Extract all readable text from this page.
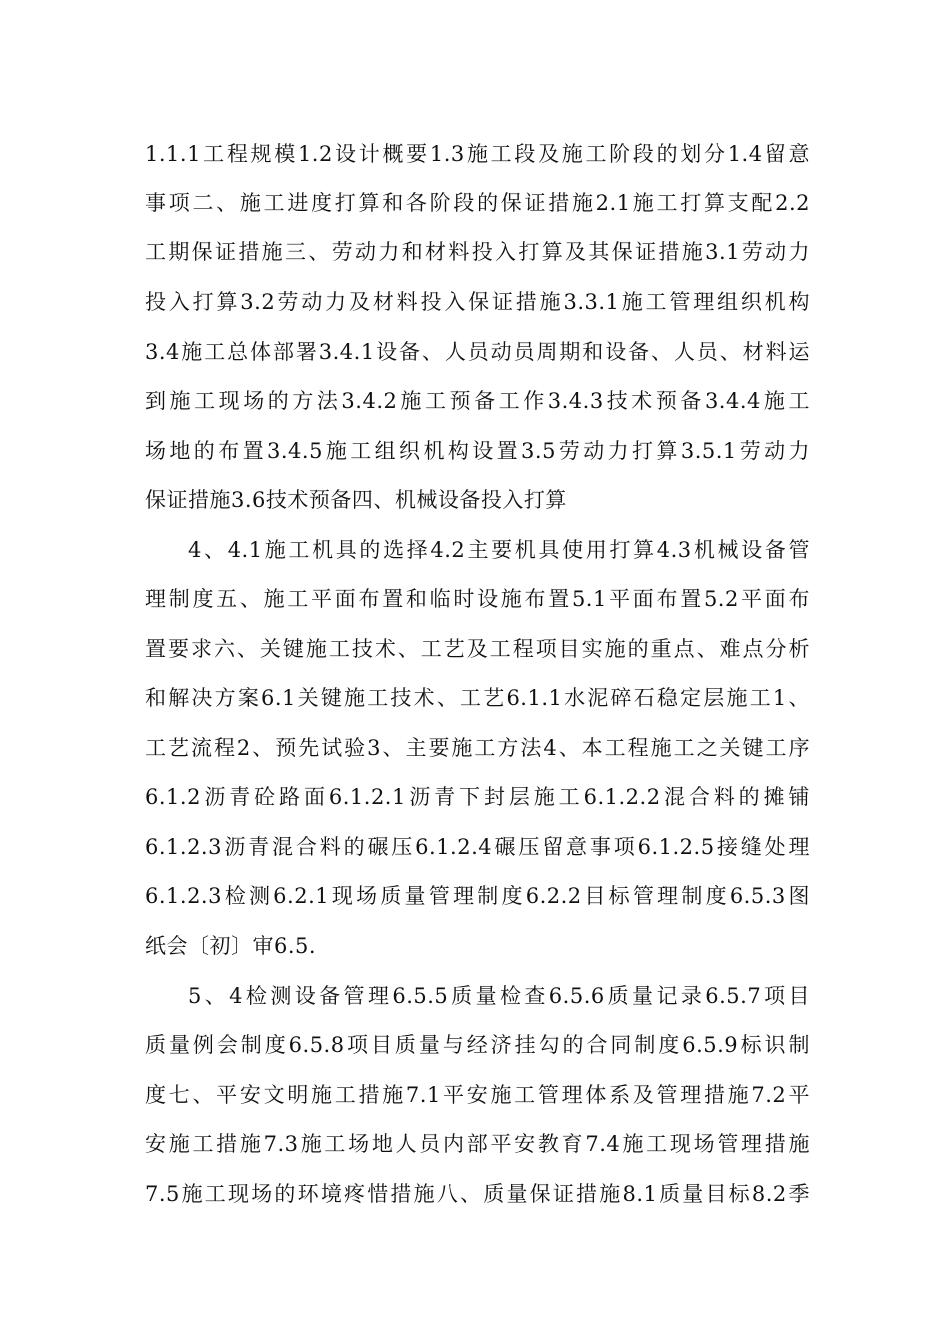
1.1.1工程规模1.2设计概要1.3施工段及施工阶段的划分1.4留意
事项二、施工进度打算和各阶段的保证措施2.1施工打算支配2.2
工期保证措施三、劳动力和材料投入打算及其保证措施3.1劳动力
投入打算3.2劳动力及材料投入保证措施3.3.1施工管理组织机构
3.4施工总体部署3.4.1设备、人员动员周期和设备、人员、材料运
到施工现场的方法3.4.2施工预备工作3.4.3技术预备3.4.4施工
场地的布置3.4.5施工组织机构设置3.5劳动力打算3.5.1劳动力
保证措施3.6技术预备四、机械设备投入打算
4、4.1施工机具的选择4.2主要机具使用打算4.3机械设备管
理制度五、施工平面布置和临时设施布置5.1平面布置5.2平面布
置要求六、关键施工技术、工艺及工程项目实施的重点、难点分析
和解决方案6.1关键施工技术、工艺6.1.1水泥碎石稳定层施工1、
工艺流程2、预先试验3、主要施工方法4、本工程施工之关键工序
6.1.2沥青砼路面6.1.2.1沥青下封层施工6.1.2.2混合料的摊铺
6.1.2.3沥青混合料的碾压6.1.2.4碾压留意事项6.1.2.5接缝处理
6.1.2.3检测6.2.1现场质量管理制度6.2.2目标管理制度6.5.3图
纸会〔初〕审6.5.
5、4检测设备管理6.5.5质量检查6.5.6质量记录6.5.7项目
质量例会制度6.5.8项目质量与经济挂勾的合同制度6.5.9标识制
度七、平安文明施工措施7.1平安施工管理体系及管理措施7.2平
安施工措施7.3施工场地人员内部平安教育7.4施工现场管理措施
7.5施工现场的环境疼惜措施八、质量保证措施8.1质量目标8.2季
